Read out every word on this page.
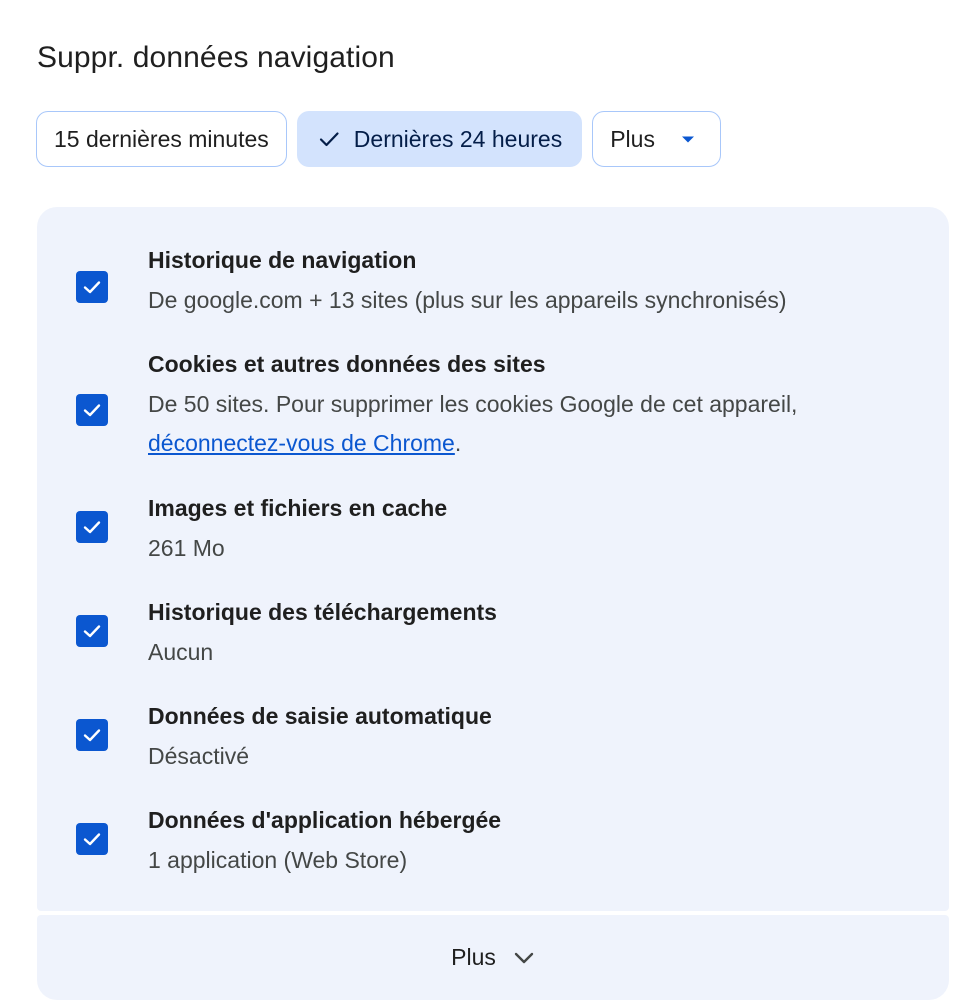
Suppr. données navigation
15 dernières minutes	Dernières 24 heures Plus
Historique de navigation
De google.com + 13 sites (plus sur les appareils synchronisés)
Cookies et autres données des sites
De 50 sites. Pour supprimer les cookies Google de cet appareil, déconnectez-vous de Chrome.
Images et fichiers en cache
261 Mo
Historique des téléchargements
Aucun
Données de saisie automatique
Désactivé
Données d'application hébergée
1 application (Web Store)
Plus
